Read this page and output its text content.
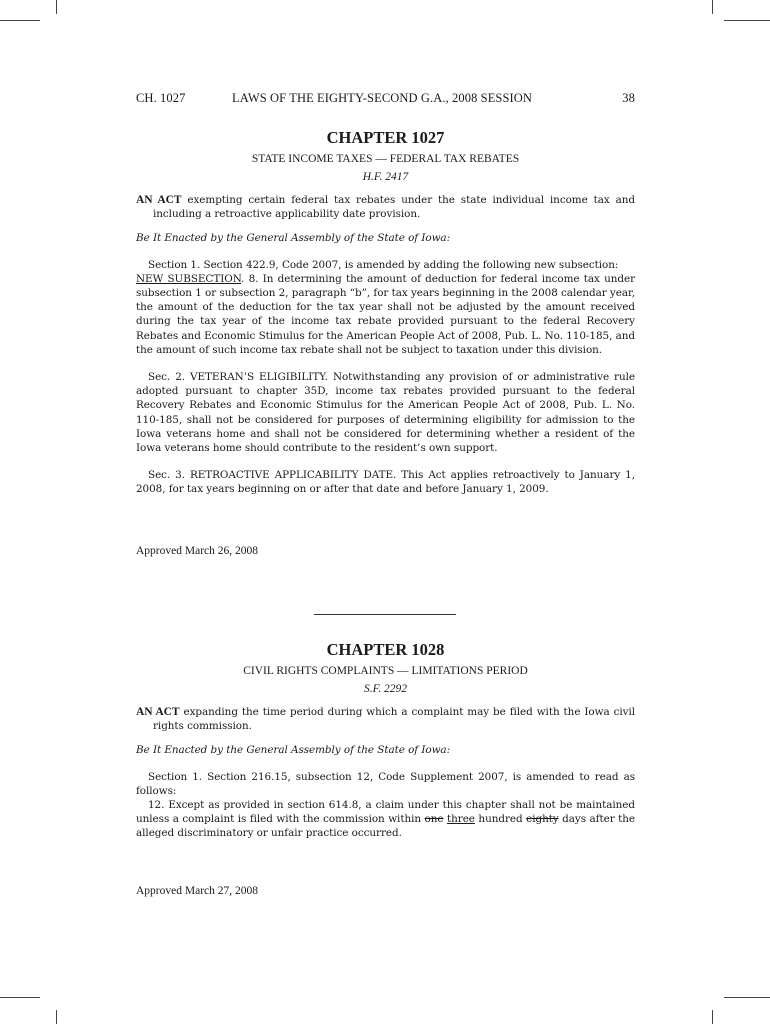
CH. 1027	LAWS OF THE EIGHTY-SECOND G.A., 2008 SESSION	38
CHAPTER 1027
STATE INCOME TAXES — FEDERAL TAX REBATES
H.F. 2417

AN ACT exempting certain federal tax rebates under the state individual income tax and including a retroactive applicability date provision.

Be It Enacted by the General Assembly of the State of Iowa:

Section 1. Section 422.9, Code 2007, is amended by adding the following new subsection:
NEW SUBSECTION. 8. In determining the amount of deduction for federal income tax under subsection 1 or subsection 2, paragraph “b”, for tax years beginning in the 2008 calendar year, the amount of the deduction for the tax year shall not be adjusted by the amount received during the tax year of the income tax rebate provided pursuant to the federal Recovery Rebates and Economic Stimulus for the American People Act of 2008, Pub. L. No. 110-185, and the amount of such income tax rebate shall not be subject to taxation under this division.

Sec. 2. VETERAN’S ELIGIBILITY. Notwithstanding any provision of or administrative rule adopted pursuant to chapter 35D, income tax rebates provided pursuant to the federal Recovery Rebates and Economic Stimulus for the American People Act of 2008, Pub. L. No. 110-185, shall not be considered for purposes of determining eligibility for admission to the Iowa veterans home and shall not be considered for determining whether a resident of the Iowa veterans home should contribute to the resident’s own support.

Sec. 3. RETROACTIVE APPLICABILITY DATE. This Act applies retroactively to January 1, 2008, for tax years beginning on or after that date and before January 1, 2009.

Approved March 26, 2008
CHAPTER 1028
CIVIL RIGHTS COMPLAINTS — LIMITATIONS PERIOD
S.F. 2292

AN ACT expanding the time period during which a complaint may be filed with the Iowa civil rights commission.

Be It Enacted by the General Assembly of the State of Iowa:

Section 1. Section 216.15, subsection 12, Code Supplement 2007, is amended to read as follows:

12. Except as provided in section 614.8, a claim under this chapter shall not be maintained unless a complaint is filed with the commission within one three hundred eighty days after the alleged discriminatory or unfair practice occurred.

Approved March 27, 2008
